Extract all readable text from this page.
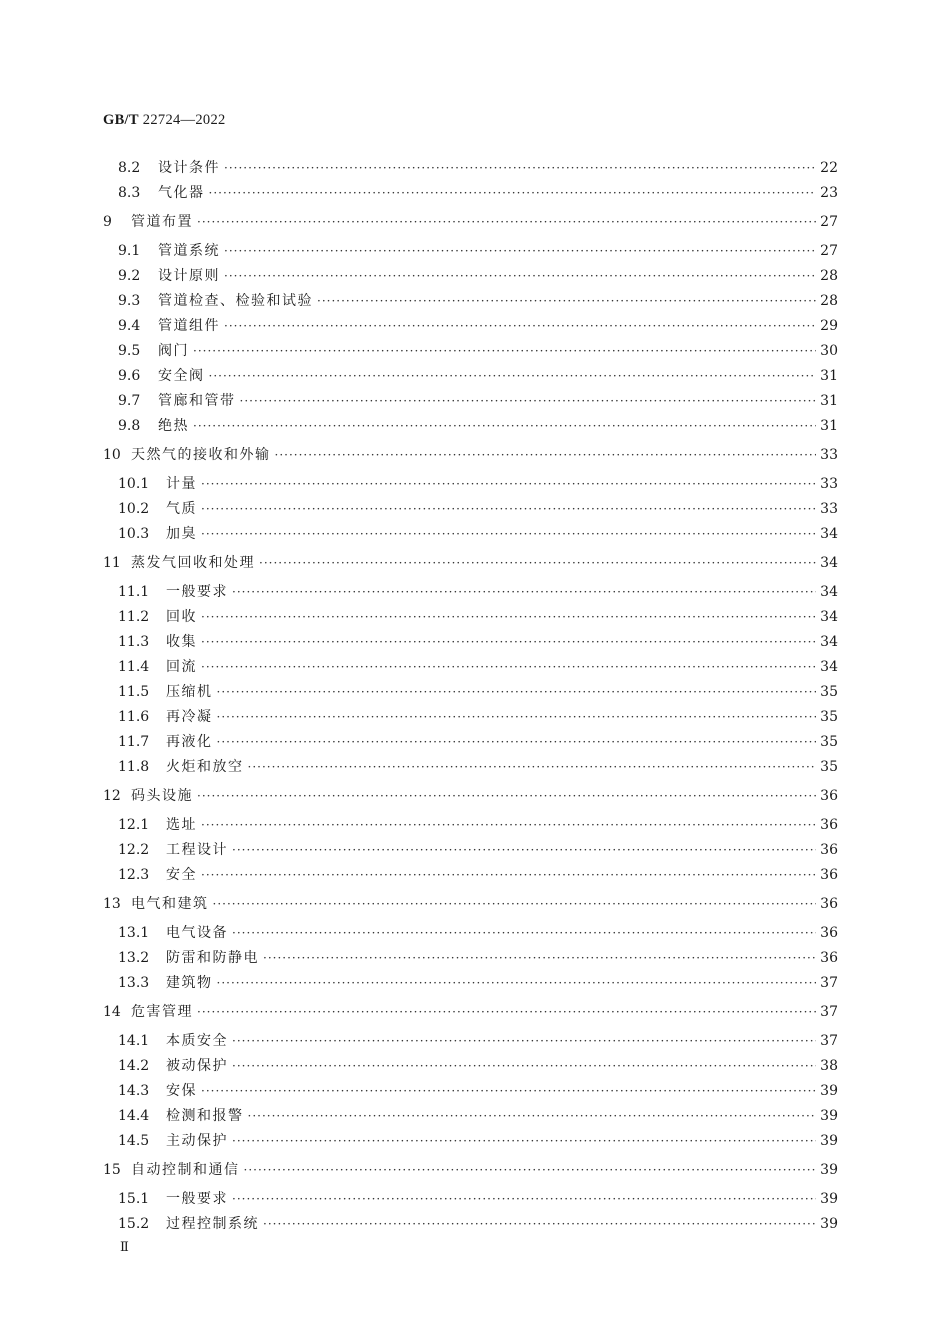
GB/T 22724—2022
8.2	设计条件 ·····	22
8.3	气化器 ·····	23
9	管道布置 ·····	27
9.1	管道系统 ·····	27
9.2	设计原则 ·····	28
9.3	管道检查、检验和试验 ·····	28
9.4	管道组件 ·····	29
9.5	阀门 ·····	30
9.6	安全阀 ·····	31
9.7	管廊和管带 ·····	31
9.8	绝热 ·····	31
10 天然气的接收和外输 ·····	33
10.1	计量 ·····	33
10.2	气质 ·····	33
10.3	加臭 ·····	34
11 蒸发气回收和处理 ·····	34
11.1	一般要求 ·····	34
11.2	回收 ·····	34
11.3	收集 ·····	34
11.4	回流 ·····	34
11.5	压缩机 ·····	35
11.6	再冷凝 ·····	35
11.7	再液化 ·····	35
11.8	火炬和放空 ·····	35
12 码头设施 ·····	36
12.1	选址 ·····	36
12.2	工程设计 ·····	36
12.3	安全 ·····	36
13 电气和建筑 ·····	36
13.1	电气设备 ·····	36
13.2	防雷和防静电 ·····	36
13.3	建筑物 ·····	37
14 危害管理 ·····	37
14.1	本质安全 ·····	37
14.2	被动保护 ·····	38
14.3	安保 ·····	39
14.4	检测和报警 ·····	39
14.5	主动保护 ·····	39
15 自动控制和通信 ·····	39
15.1	一般要求 ·····	39
15.2	过程控制系统 ·····	39
Ⅱ
